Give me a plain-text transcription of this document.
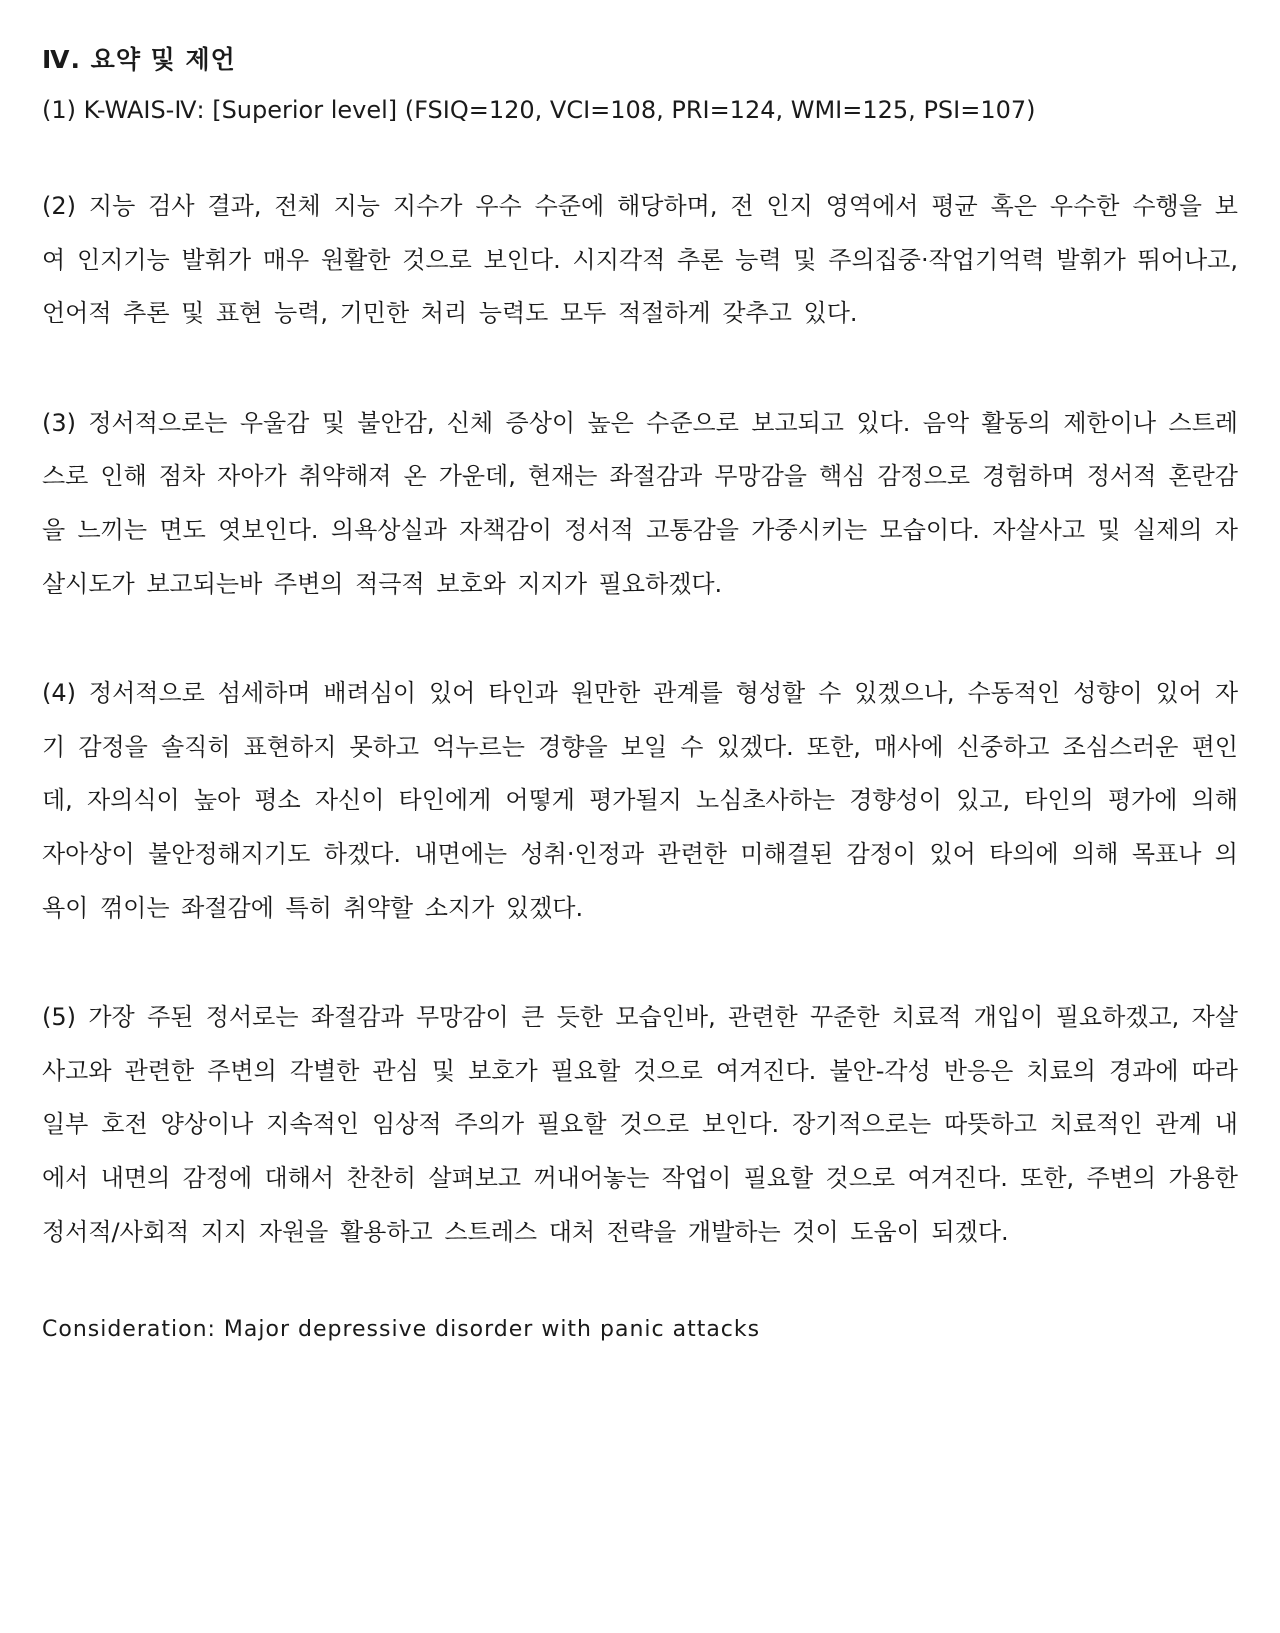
Ⅳ. 요약 및 제언
(1) K-WAIS-Ⅳ: [Superior level] (FSIQ=120, VCI=108, PRI=124, WMI=125, PSI=107)
(2) 지능 검사 결과, 전체 지능 지수가 우수 수준에 해당하며, 전 인지 영역에서 평균 혹은 우수한 수행을 보여 인지기능 발휘가 매우 원활한 것으로 보인다. 시지각적 추론 능력 및 주의집중·작업기억력 발휘가 뛰어나고, 언어적 추론 및 표현 능력, 기민한 처리 능력도 모두 적절하게 갖추고 있다.
(3) 정서적으로는 우울감 및 불안감, 신체 증상이 높은 수준으로 보고되고 있다. 음악 활동의 제한이나 스트레스로 인해 점차 자아가 취약해져 온 가운데, 현재는 좌절감과 무망감을 핵심 감정으로 경험하며 정서적 혼란감을 느끼는 면도 엿보인다. 의욕상실과 자책감이 정서적 고통감을 가중시키는 모습이다. 자살사고 및 실제의 자살시도가 보고되는바 주변의 적극적 보호와 지지가 필요하겠다.
(4) 정서적으로 섬세하며 배려심이 있어 타인과 원만한 관계를 형성할 수 있겠으나, 수동적인 성향이 있어 자기 감정을 솔직히 표현하지 못하고 억누르는 경향을 보일 수 있겠다. 또한, 매사에 신중하고 조심스러운 편인데, 자의식이 높아 평소 자신이 타인에게 어떻게 평가될지 노심초사하는 경향성이 있고, 타인의 평가에 의해 자아상이 불안정해지기도 하겠다. 내면에는 성취·인정과 관련한 미해결된 감정이 있어 타의에 의해 목표나 의욕이 꺾이는 좌절감에 특히 취약할 소지가 있겠다.
(5) 가장 주된 정서로는 좌절감과 무망감이 큰 듯한 모습인바, 관련한 꾸준한 치료적 개입이 필요하겠고, 자살사고와 관련한 주변의 각별한 관심 및 보호가 필요할 것으로 여겨진다. 불안-각성 반응은 치료의 경과에 따라 일부 호전 양상이나 지속적인 임상적 주의가 필요할 것으로 보인다. 장기적으로는 따뜻하고 치료적인 관계 내에서 내면의 감정에 대해서 찬찬히 살펴보고 꺼내어놓는 작업이 필요할 것으로 여겨진다. 또한, 주변의 가용한 정서적/사회적 지지 자원을 활용하고 스트레스 대처 전략을 개발하는 것이 도움이 되겠다.
Consideration: Major depressive disorder with panic attacks
